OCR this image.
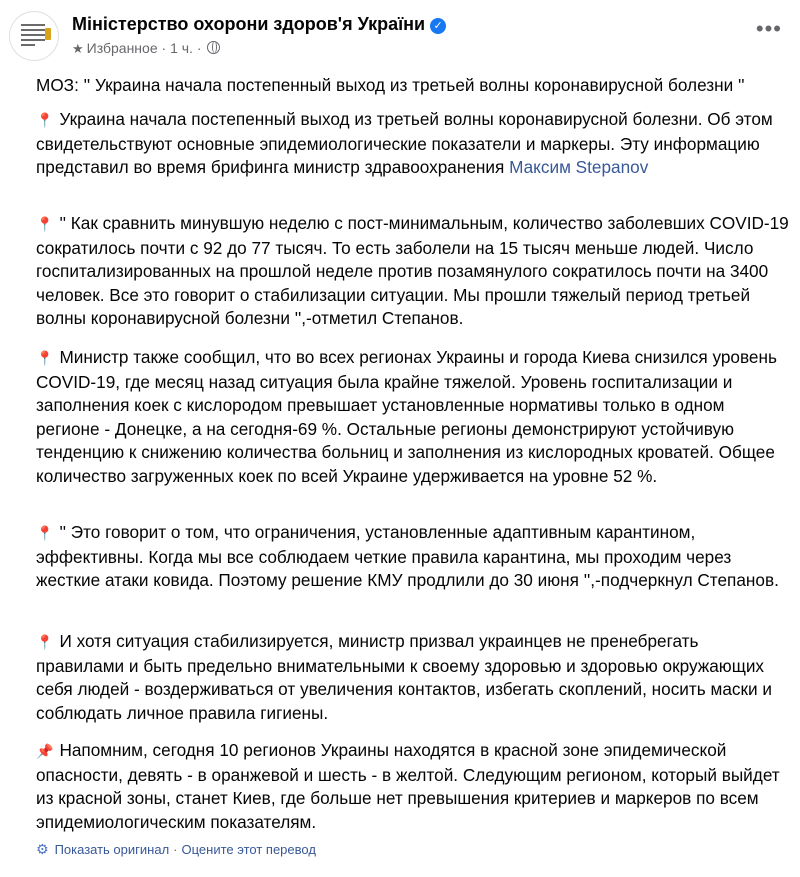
Міністерство охорони здоров'я України ✓
★ Избранное · 1 ч. ·
•••

МОЗ: '' Украина начала постепенный выход из третьей волны коронавирусной болезни ''

📍 Украина начала постепенный выход из третьей волны коронавирусной болезни. Об этом свидетельствуют основные эпидемиологические показатели и маркеры. Эту информацию представил во время брифинга министр здравоохранения Максим Stepanov

📍 '' Как сравнить минувшую неделю с пост-минимальным, количество заболевших COVID-19 сократилось почти с 92 до 77 тысяч. То есть заболели на 15 тысяч меньше людей. Число госпитализированных на прошлой неделе против позамянулого сократилось почти на 3400 человек. Все это говорит о стабилизации ситуации. Мы прошли тяжелый период третьей волны коронавирусной болезни '',-отметил Степанов.

📍 Министр также сообщил, что во всех регионах Украины и города Киева снизился уровень COVID-19, где месяц назад ситуация была крайне тяжелой. Уровень госпитализации и заполнения коек с кислородом превышает установленные нормативы только в одном регионе - Донецке, а на сегодня-69 %. Остальные регионы демонстрируют устойчивую тенденцию к снижению количества больниц и заполнения из кислородных кроватей. Общее количество загруженных коек по всей Украине удерживается на уровне 52 %.

📍 '' Это говорит о том, что ограничения, установленные адаптивным карантином, эффективны. Когда мы все соблюдаем четкие правила карантина, мы проходим через жесткие атаки ковида. Поэтому решение КМУ продлили до 30 июня '',-подчеркнул Степанов.

📍 И хотя ситуация стабилизируется, министр призвал украинцев не пренебрегать правилами и быть предельно внимательными к своему здоровью и здоровью окружающих себя людей - воздерживаться от увеличения контактов, избегать скоплений, носить маски и соблюдать личное правила гигиены.

📌 Напомним, сегодня 10 регионов Украины находятся в красной зоне эпидемической опасности, девять - в оранжевой и шесть - в желтой. Следующим регионом, который выйдет из красной зоны, станет Киев, где больше нет превышения критериев и маркеров по всем эпидемиологическим показателям.

⚙ Показать оригинал · Оцените этот перевод
